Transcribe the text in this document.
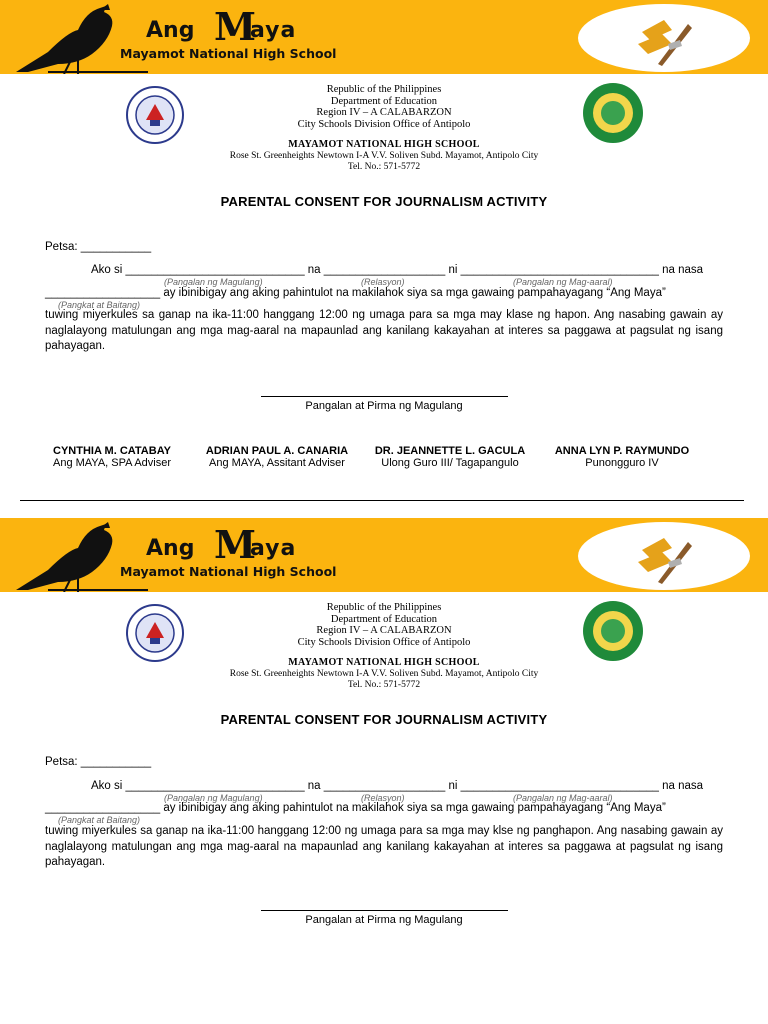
Ang M
aya
Mayamot National High School
Republic of the Philippines
Department of Education
Region IV – A CALABARZON
City Schools Division Office of Antipolo
MAYAMOT NATIONAL HIGH SCHOOL
Rose St. Greenheights Newtown I-A V.V. Soliven Subd. Mayamot, Antipolo City
Tel. No.: 571-5772
PARENTAL CONSENT FOR JOURNALISM ACTIVITY
Petsa: ___________
Ako si ____________________________ na ___________________ ni _______________________________ na nasa
(Pangalan ng Magulang)	(Relasyon)	(Pangalan ng Mag-aaral)
__________________ ay ibinibigay ang aking pahintulot na makilahok siya sa mga gawaing pampahayagang “Ang Maya”
(Pangkat at Baitang)
tuwing miyerkules sa ganap na ika-11:00 hanggang 12:00 ng umaga para sa mga may klase ng hapon. Ang nasabing gawain ay naglalayong matulungan ang mga mag-aaral na mapaunlad ang kanilang kakayahan at interes sa paggawa at pagsulat ng isang pahayagan.
Pangalan at Pirma ng Magulang
CYNTHIA M. CATABAY
Ang MAYA, SPA Adviser
ADRIAN PAUL A. CANARIA
Ang MAYA, Assitant Adviser
DR. JEANNETTE L. GACULA
Ulong Guro III/ Tagapangulo
ANNA LYN P. RAYMUNDO
Punongguro IV
Ang M
aya
Mayamot National High School
Republic of the Philippines
Department of Education
Region IV – A CALABARZON
City Schools Division Office of Antipolo
MAYAMOT NATIONAL HIGH SCHOOL
Rose St. Greenheights Newtown I-A V.V. Soliven Subd. Mayamot, Antipolo City
Tel. No.: 571-5772
PARENTAL CONSENT FOR JOURNALISM ACTIVITY
Petsa: ___________
Ako si ____________________________ na ___________________ ni _______________________________ na nasa
(Pangalan ng Magulang)	(Relasyon)	(Pangalan ng Mag-aaral)
__________________ ay ibinibigay ang aking pahintulot na makilahok siya sa mga gawaing pampahayagang “Ang Maya”
(Pangkat at Baitang)
tuwing miyerkules sa ganap na ika-11:00 hanggang 12:00 ng umaga para sa mga may klse ng panghapon. Ang nasabing gawain ay naglalayong matulungan ang mga mag-aaral na mapaunlad ang kanilang kakayahan at interes sa paggawa at pagsulat ng isang pahayagan.
Pangalan at Pirma ng Magulang
